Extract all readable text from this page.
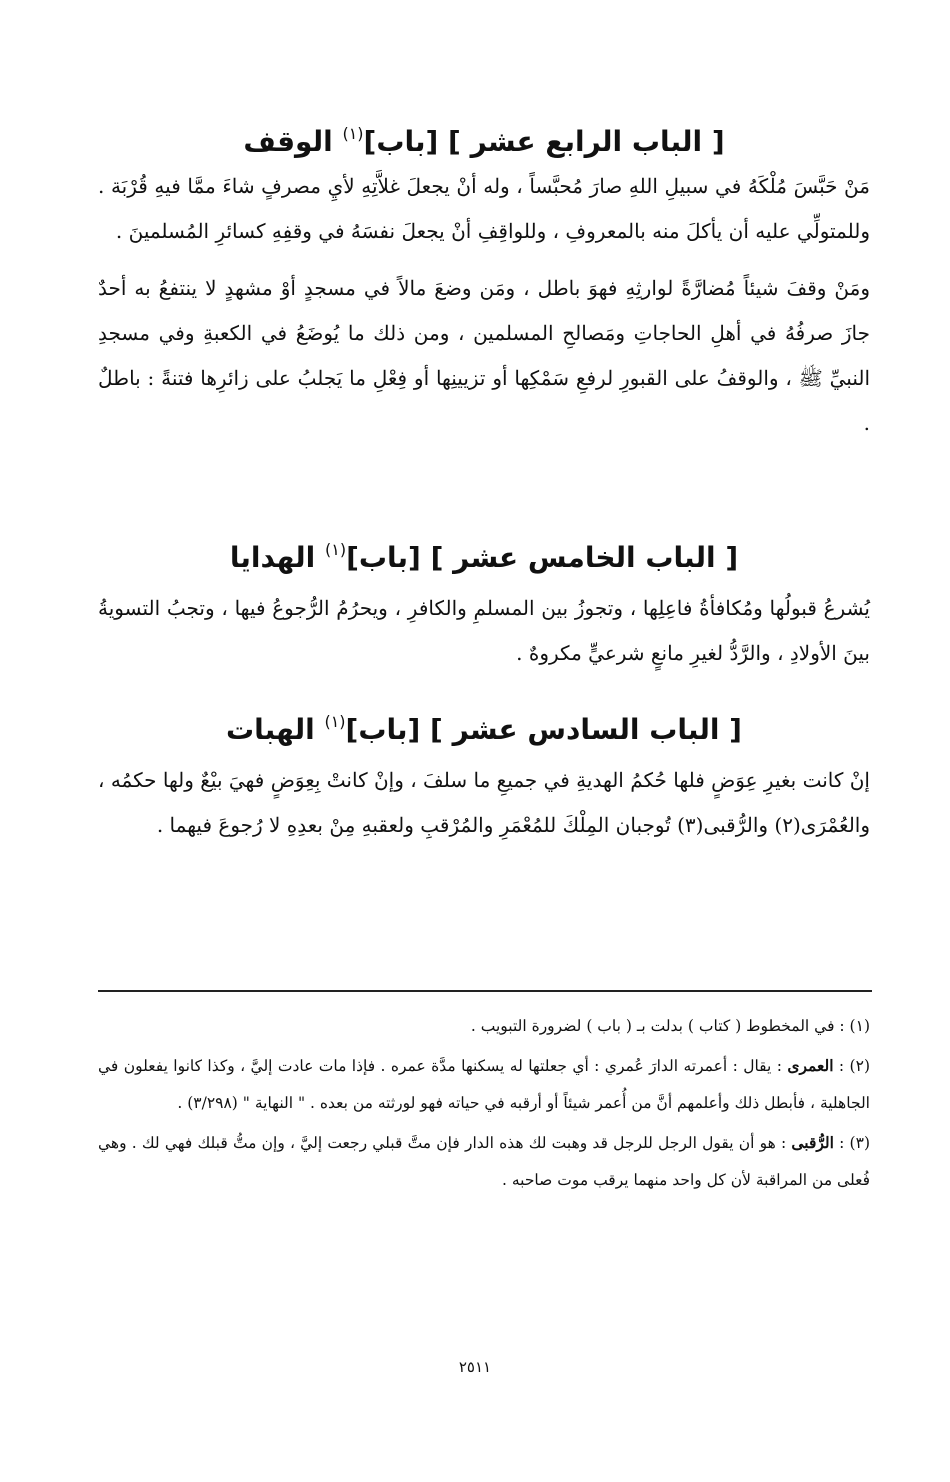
[ الباب الرابع عشر ] [باب]$^{(١)}$ الوقف

مَنْ حَبَّسَ مُلْكَهُ في سبيلِ اللهِ صارَ مُحبَّساً ، وله أنْ يجعلَ غلاَّتِهِ لأيِ مصرفٍ شاءَ ممَّا فيهِ قُرْبَة . وللمتولِّي عليه أن يأكلَ منه بالمعروفِ ، وللواقِفِ أنْ يجعلَ نفسَهُ في وقفِهِ كسائرِ المُسلمينَ .

ومَنْ وقفَ شيئاً مُضارَّةً لوارثِهِ فهوَ باطل ، ومَن وضعَ مالاً في مسجدٍ أوْ مشهدٍ لا ينتفعُ به أحدٌ جازَ صرفُهُ في أهلِ الحاجاتِ ومَصالحِ المسلمين ، ومن ذلك ما يُوضَعُ في الكعبةِ وفي مسجدِ النبيِّ ﷺ ، والوقفُ على القبورِ لرفعِ سَمْكِها أو تزيينِها أو فِعْلِ ما يَجلبُ على زائرِها فتنةً : باطلٌ .

[ الباب الخامس عشر ] [باب]$^{(١)}$ الهدايا

يُشرعُ قبولُها ومُكافأةُ فاعِلِها ، وتجوزُ بين المسلمِ والكافرِ ، ويحرُمُ الرُّجوعُ فيها ، وتجبُ التسويةُ بينَ الأولادِ ، والرَّدُّ لغيرِ مانعٍ شرعيٍّ مكروهٌ .

[ الباب السادس عشر ] [باب]$^{(١)}$ الهبات

إنْ كانت بغيرِ عِوَضٍ فلها حُكمُ الهديةِ في جميعِ ما سلفَ ، وإنْ كانتْ بِعِوَضٍ فهيَ بيْعٌ ولها حكمُه ، والعُمْرَى(٢) والرُّقبى(٣) تُوجبان المِلْكَ للمُعْمَرِ والمُرْقبِ ولعقبهِ مِنْ بعدِهِ لا رُجوعَ فيهما .

(١) : في المخطوط ( كتاب ) بدلت بـ ( باب ) لضرورة التبويب .

(٢) : العمرى : يقال : أعمرته الدارَ عُمري : أي جعلتها له يسكنها مدَّة عمره . فإذا مات عادت إليَّ ، وكذا كانوا يفعلون في الجاهلية ، فأبطل ذلك وأعلمهم أنَّ من أُعمر شيئاً أو أرقبه في حياته فهو لورثته من بعده . " النهاية " (٣/٢٩٨) .

(٣) : الرُّقبى : هو أن يقول الرجل للرجل قد وهبت لك هذه الدار فإن متَّ قبلي رجعت إليَّ ، وإن متُّ قبلك فهي لك . وهي فُعلى من المراقبة لأن كل واحد منهما يرقب موت صاحبه .

٢٥١١
